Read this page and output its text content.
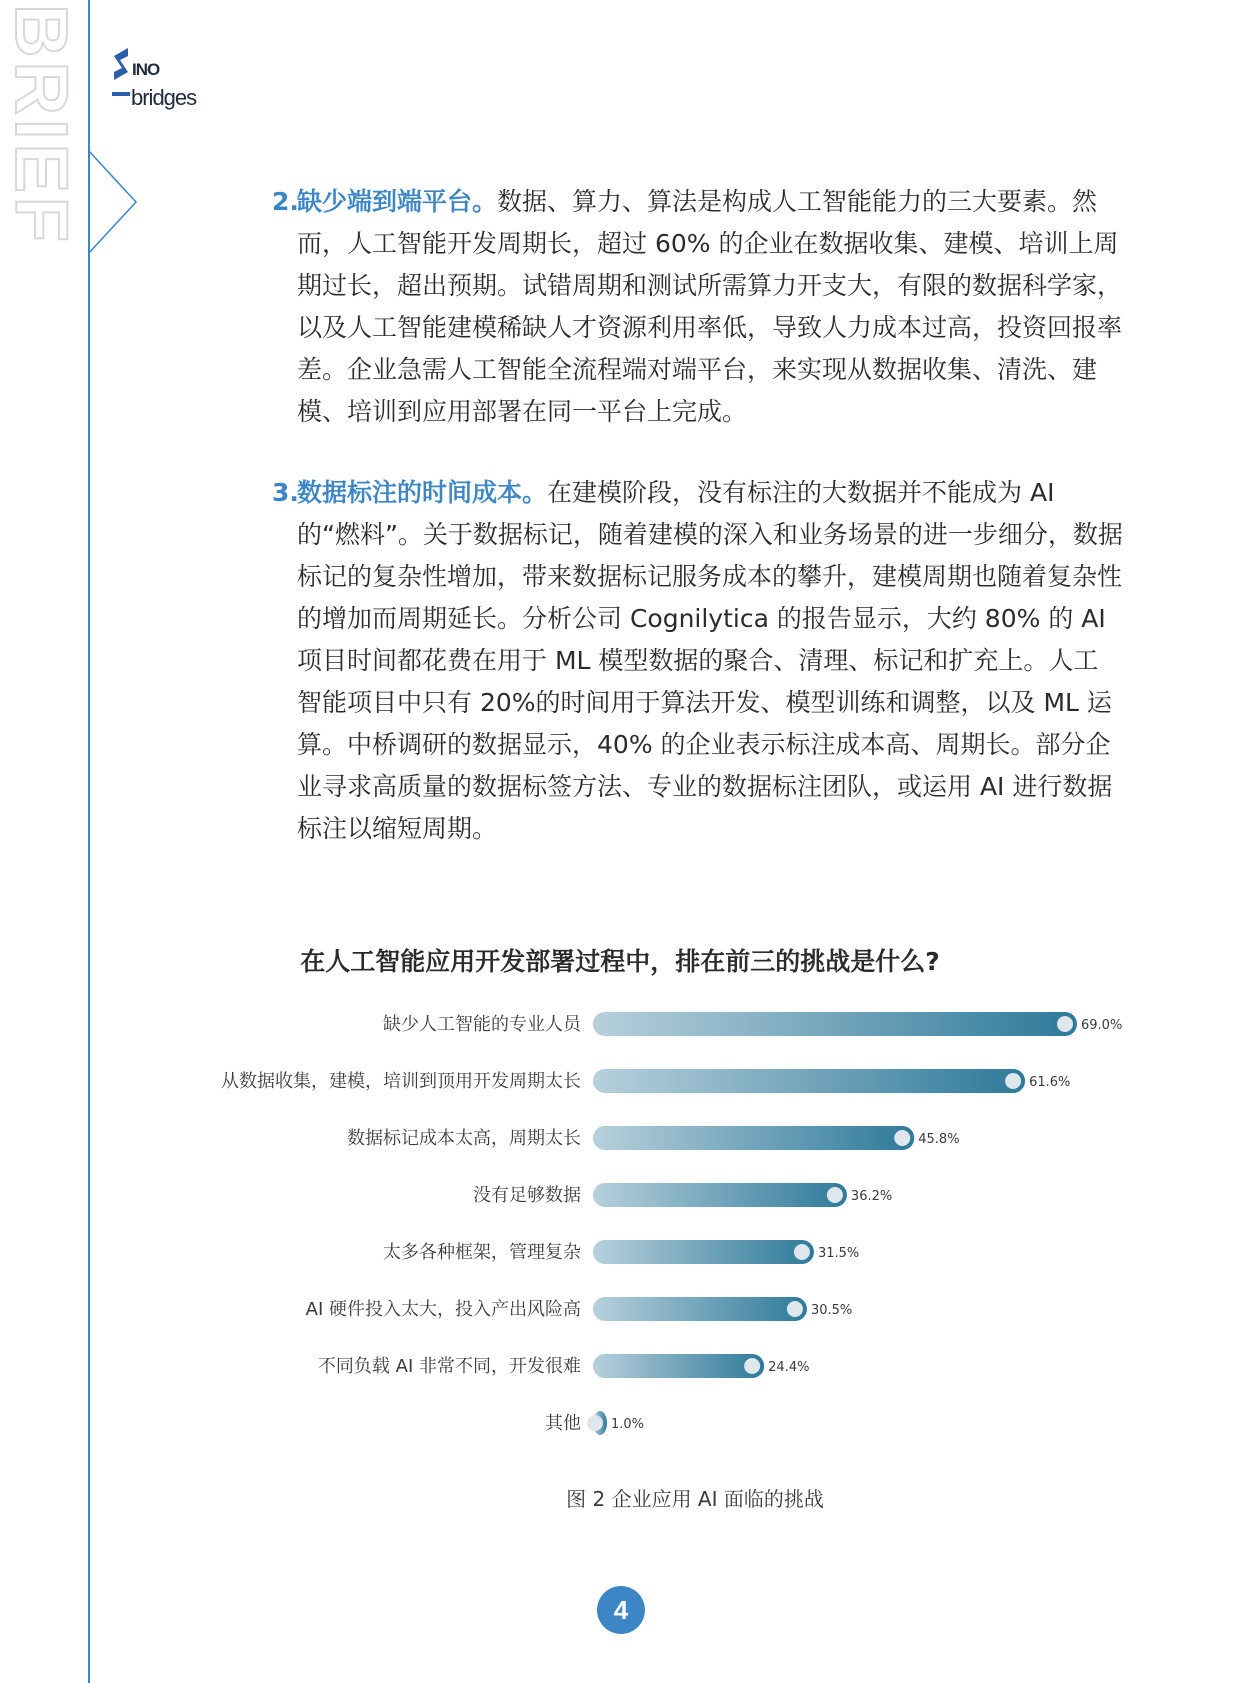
BRIEF	INO
bridges
2.
缺少端到端平台。数据、算力、算法是构成人工智能能力的三大要素。然而，人工智能开发周期长，超过 60% 的企业在数据收集、建模、培训上周期过长，超出预期。试错周期和测试所需算力开支大，有限的数据科学家，以及人工智能建模稀缺人才资源利用率低，导致人力成本过高，投资回报率差。企业急需人工智能全流程端对端平台，来实现从数据收集、清洗、建模、培训到应用部署在同一平台上完成。
3.
数据标注的时间成本。在建模阶段，没有标注的大数据并不能成为 AI 的“燃料”。关于数据标记，随着建模的深入和业务场景的进一步细分，数据标记的复杂性增加，带来数据标记服务成本的攀升，建模周期也随着复杂性的增加而周期延长。分析公司 Cognilytica 的报告显示，大约 80% 的 AI 项目时间都花费在用于 ML 模型数据的聚合、清理、标记和扩充上。人工智能项目中只有 20%的时间用于算法开发、模型训练和调整，以及 ML 运算。中桥调研的数据显示，40% 的企业表示标注成本高、周期长。部分企业寻求高质量的数据标签方法、专业的数据标注团队，或运用 AI 进行数据标注以缩短周期。
在人工智能应用开发部署过程中，排在前三的挑战是什么?
缺少人工智能的专业人员	69.0%
从数据收集，建模，培训到顶用开发周期太长	61.6%
数据标记成本太高，周期太长	45.8%
没有足够数据	36.2%
太多各种框架，管理复杂	31.5%
AI 硬件投入太大，投入产出风险高	30.5%
不同负载 AI 非常不同，开发很难	24.4%
其他 1.0%
图 2 企业应用 AI 面临的挑战
4
